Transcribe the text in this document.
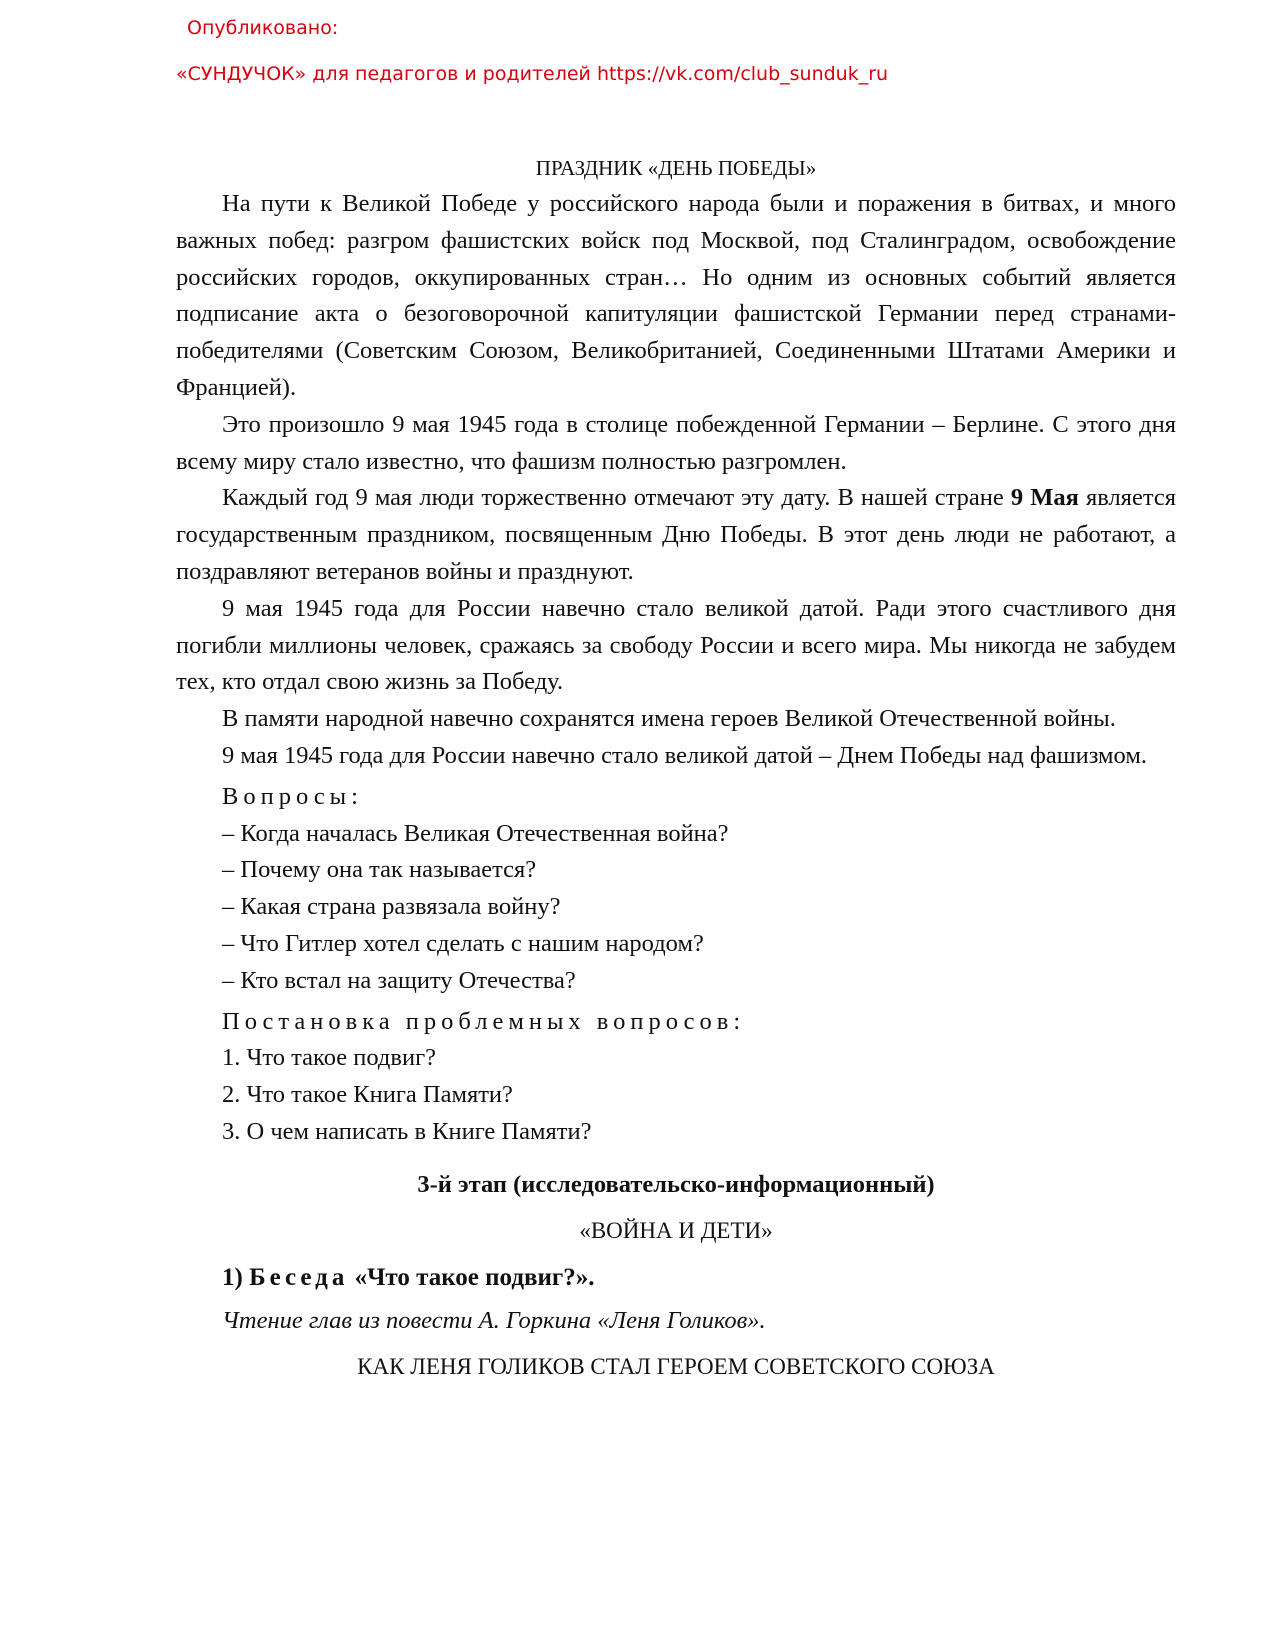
Опубликовано:
«СУНДУЧОК» для педагогов и родителей https://vk.com/club_sunduk_ru

ПРАЗДНИК «ДЕНЬ ПОБЕДЫ»

На пути к Великой Победе у российского народа были и поражения в битвах, и много важных побед: разгром фашистских войск под Москвой, под Сталинградом, освобождение российских городов, оккупированных стран… Но одним из основных событий является подписание акта о безоговорочной капитуляции фашистской Германии перед странами-победителями (Советским Союзом, Великобританией, Соединенными Штатами Америки и Францией).

Это произошло 9 мая 1945 года в столице побежденной Германии – Берлине. С этого дня всему миру стало известно, что фашизм полностью разгромлен.

Каждый год 9 мая люди торжественно отмечают эту дату. В нашей стране 9 Мая является государственным праздником, посвященным Дню Победы. В этот день люди не работают, а поздравляют ветеранов войны и празднуют.

9 мая 1945 года для России навечно стало великой датой. Ради этого счастливого дня погибли миллионы человек, сражаясь за свободу России и всего мира. Мы никогда не забудем тех, кто отдал свою жизнь за Победу.

В памяти народной навечно сохранятся имена героев Великой Отечественной войны.

9 мая 1945 года для России навечно стало великой датой – Днем Победы над фашизмом.

Вопросы:

– Когда началась Великая Отечественная война?

– Почему она так называется?

– Какая страна развязала войну?

– Что Гитлер хотел сделать с нашим народом?

– Кто встал на защиту Отечества?

Постановка проблемных вопросов:

1. Что такое подвиг?

2. Что такое Книга Памяти?

3. О чем написать в Книге Памяти?

3-й этап (исследовательско-информационный)

«ВОЙНА И ДЕТИ»

1) Беседа «Что такое подвиг?».

Чтение глав из повести А. Горкина «Леня Голиков».

КАК ЛЕНЯ ГОЛИКОВ СТАЛ ГЕРОЕМ СОВЕТСКОГО СОЮЗА
